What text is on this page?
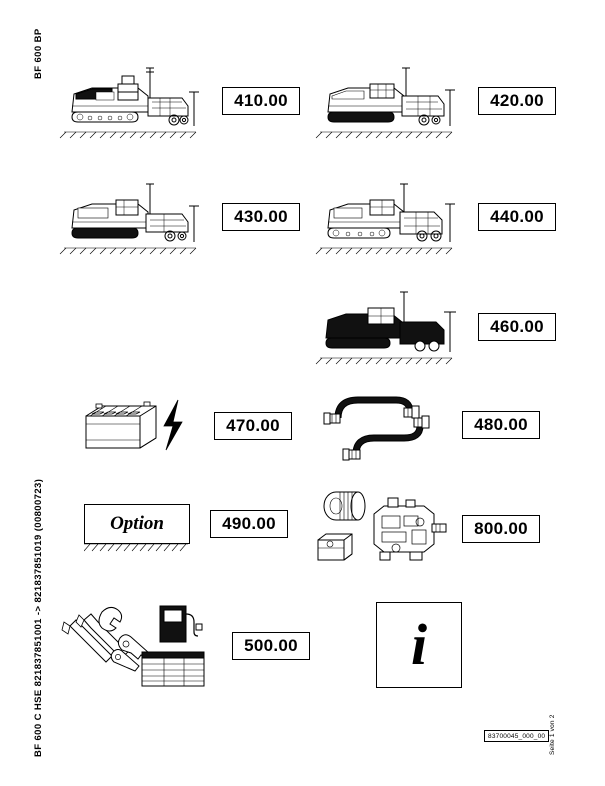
BF 600 BP
BF 600 C HSE 821837851001 -> 821837851019 (00800723)	Seite 1 von 2
410.00	420.00
430.00	440.00
460.00
470.00	480.00
Option	490.00	800.00
500.00 i
83700045_000_00
